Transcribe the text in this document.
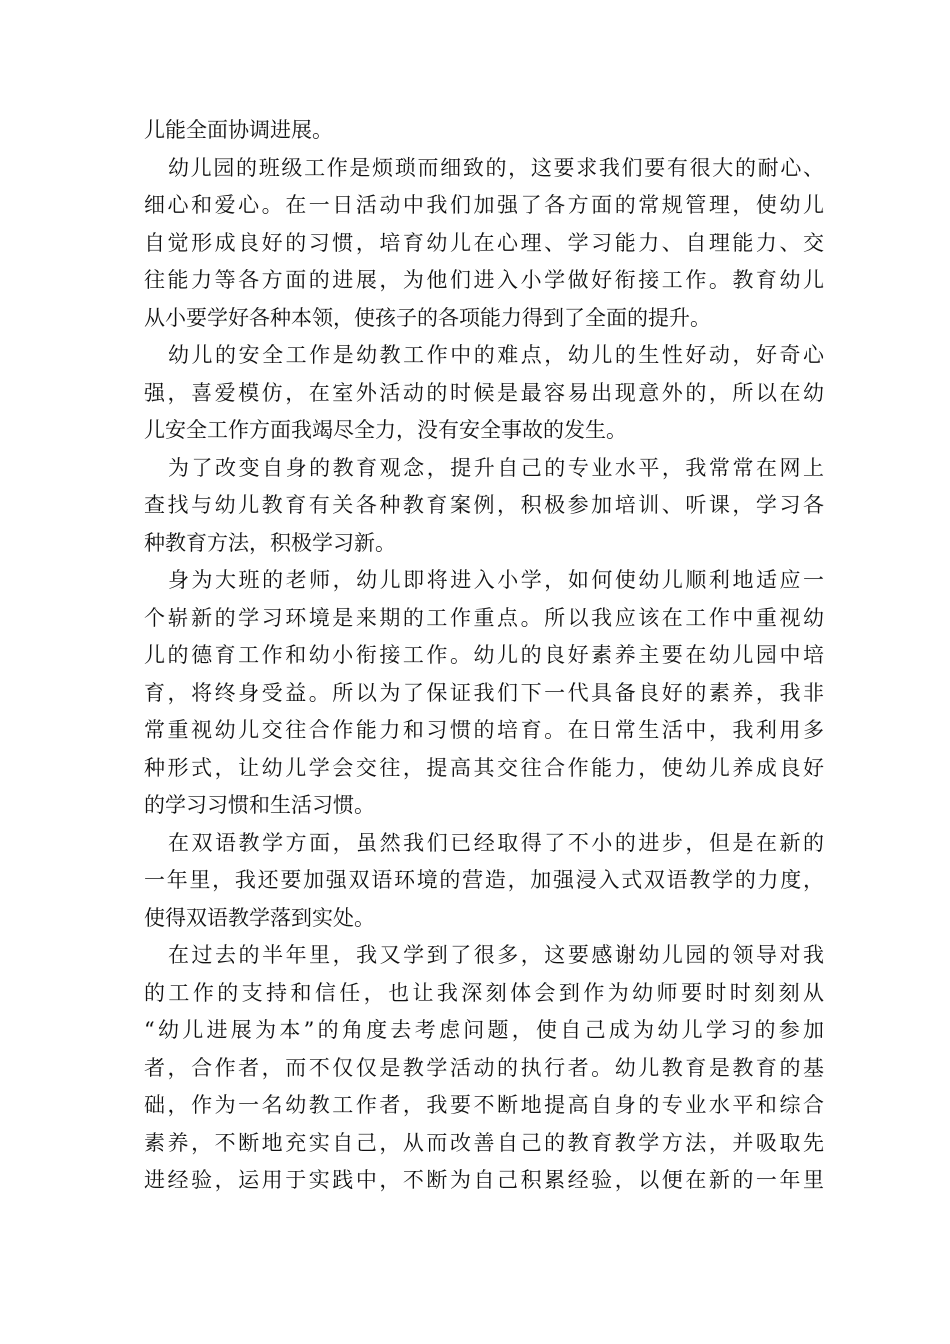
儿能全面协调进展。
幼儿园的班级工作是烦琐而细致的，这要求我们要有很大的耐心、
细心和爱心。在一日活动中我们加强了各方面的常规管理，使幼儿
自觉形成良好的习惯，培育幼儿在心理、学习能力、自理能力、交
往能力等各方面的进展，为他们进入小学做好衔接工作。教育幼儿
从小要学好各种本领，使孩子的各项能力得到了全面的提升。
幼儿的安全工作是幼教工作中的难点，幼儿的生性好动，好奇心
强，喜爱模仿，在室外活动的时候是最容易出现意外的，所以在幼
儿安全工作方面我竭尽全力，没有安全事故的发生。
为了改变自身的教育观念，提升自己的专业水平，我常常在网上
查找与幼儿教育有关各种教育案例，积极参加培训、听课，学习各
种教育方法，积极学习新。
身为大班的老师，幼儿即将进入小学，如何使幼儿顺利地适应一
个崭新的学习环境是来期的工作重点。所以我应该在工作中重视幼
儿的德育工作和幼小衔接工作。幼儿的良好素养主要在幼儿园中培
育，将终身受益。所以为了保证我们下一代具备良好的素养，我非
常重视幼儿交往合作能力和习惯的培育。在日常生活中，我利用多
种形式，让幼儿学会交往，提高其交往合作能力，使幼儿养成良好
的学习习惯和生活习惯。
在双语教学方面，虽然我们已经取得了不小的进步，但是在新的
一年里，我还要加强双语环境的营造，加强浸入式双语教学的力度，
使得双语教学落到实处。
在过去的半年里，我又学到了很多，这要感谢幼儿园的领导对我
的工作的支持和信任，也让我深刻体会到作为幼师要时时刻刻从
“幼儿进展为本”的角度去考虑问题，使自己成为幼儿学习的参加
者，合作者，而不仅仅是教学活动的执行者。幼儿教育是教育的基
础，作为一名幼教工作者，我要不断地提高自身的专业水平和综合
素养，不断地充实自己，从而改善自己的教育教学方法，并吸取先
进经验，运用于实践中，不断为自己积累经验，以便在新的一年里
